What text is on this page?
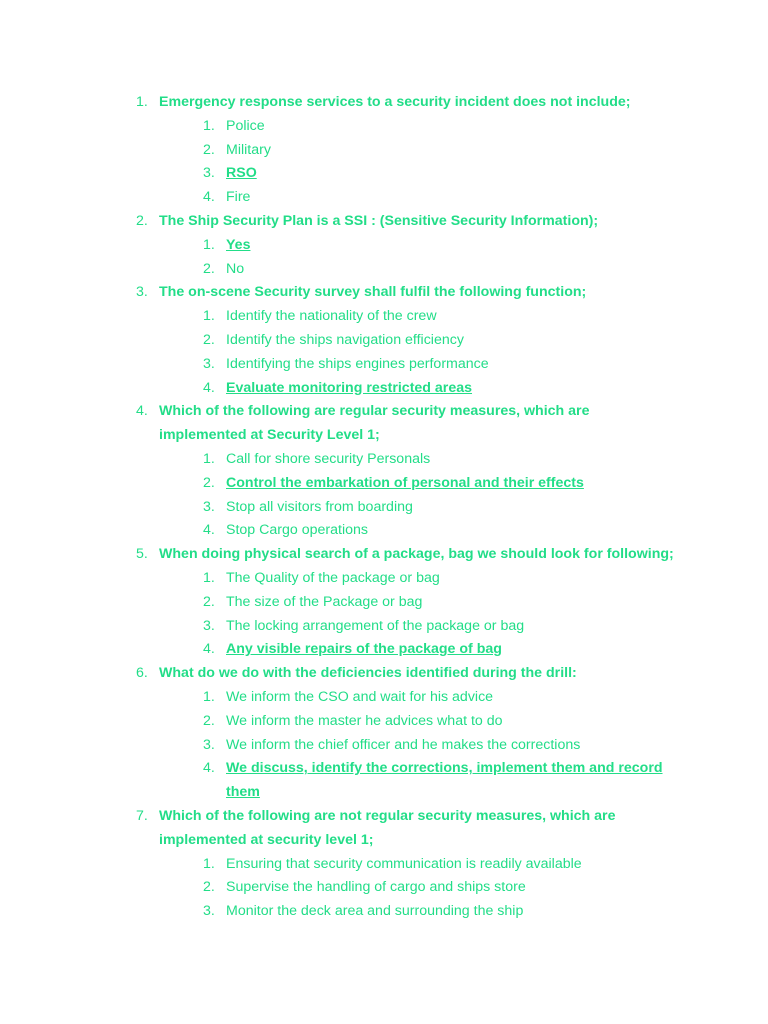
1. Emergency response services to a security incident does not include;
1. Police
2. Military
3. RSO
4. Fire
2. The Ship Security Plan is a SSI : (Sensitive Security Information);
1. Yes
2. No
3. The on-scene Security survey shall fulfil the following function;
1. Identify the nationality of the crew
2. Identify the ships navigation efficiency
3. Identifying the ships engines performance
4. Evaluate monitoring restricted areas
4. Which of the following are regular security measures, which are implemented at Security Level 1;
1. Call for shore security Personals
2. Control the embarkation of personal and their effects
3. Stop all visitors from boarding
4. Stop Cargo operations
5. When doing physical search of a package, bag we should look for following;
1. The Quality of the package or bag
2. The size of the Package or bag
3. The locking arrangement of the package or bag
4. Any visible repairs of the package of bag
6. What do we do with the deficiencies identified during the drill:
1. We inform the CSO and wait for his advice
2. We inform the master he advices what to do
3. We inform the chief officer and he makes the corrections
4. We discuss, identify the corrections, implement them and record them
7. Which of the following are not regular security measures, which are implemented at security level 1;
1. Ensuring that security communication is readily available
2. Supervise the handling of cargo and ships store
3. Monitor the deck area and surrounding the ship
